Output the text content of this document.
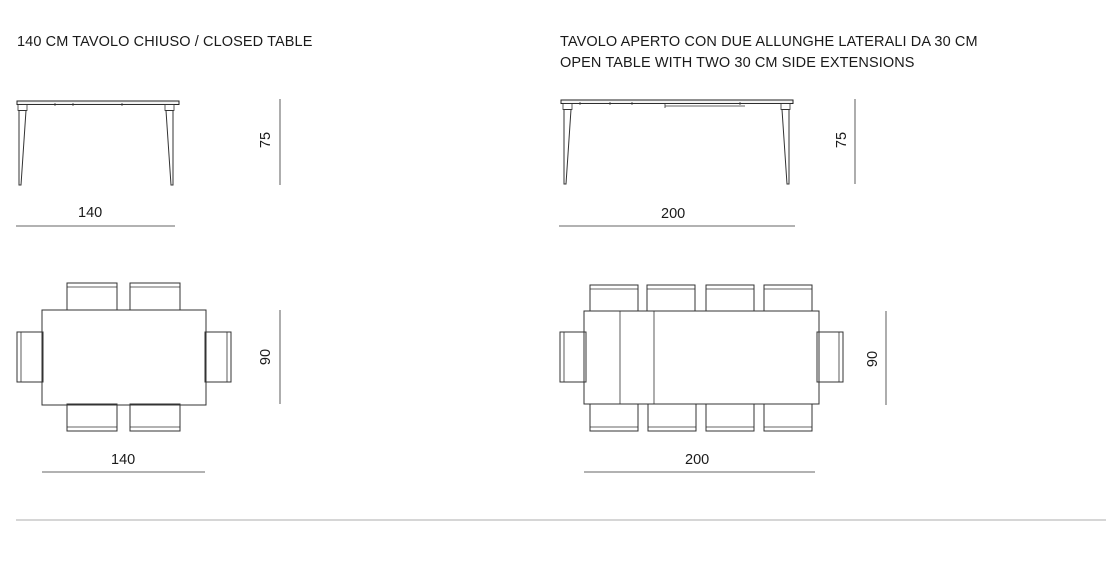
140 CM TAVOLO CHIUSO / CLOSED TABLE	TAVOLO APERTO CON DUE ALLUNGHE LATERALI DA 30 CM
OPEN TABLE WITH TWO 30 CM SIDE EXTENSIONS
75
140
90
140
75
200
90
200
